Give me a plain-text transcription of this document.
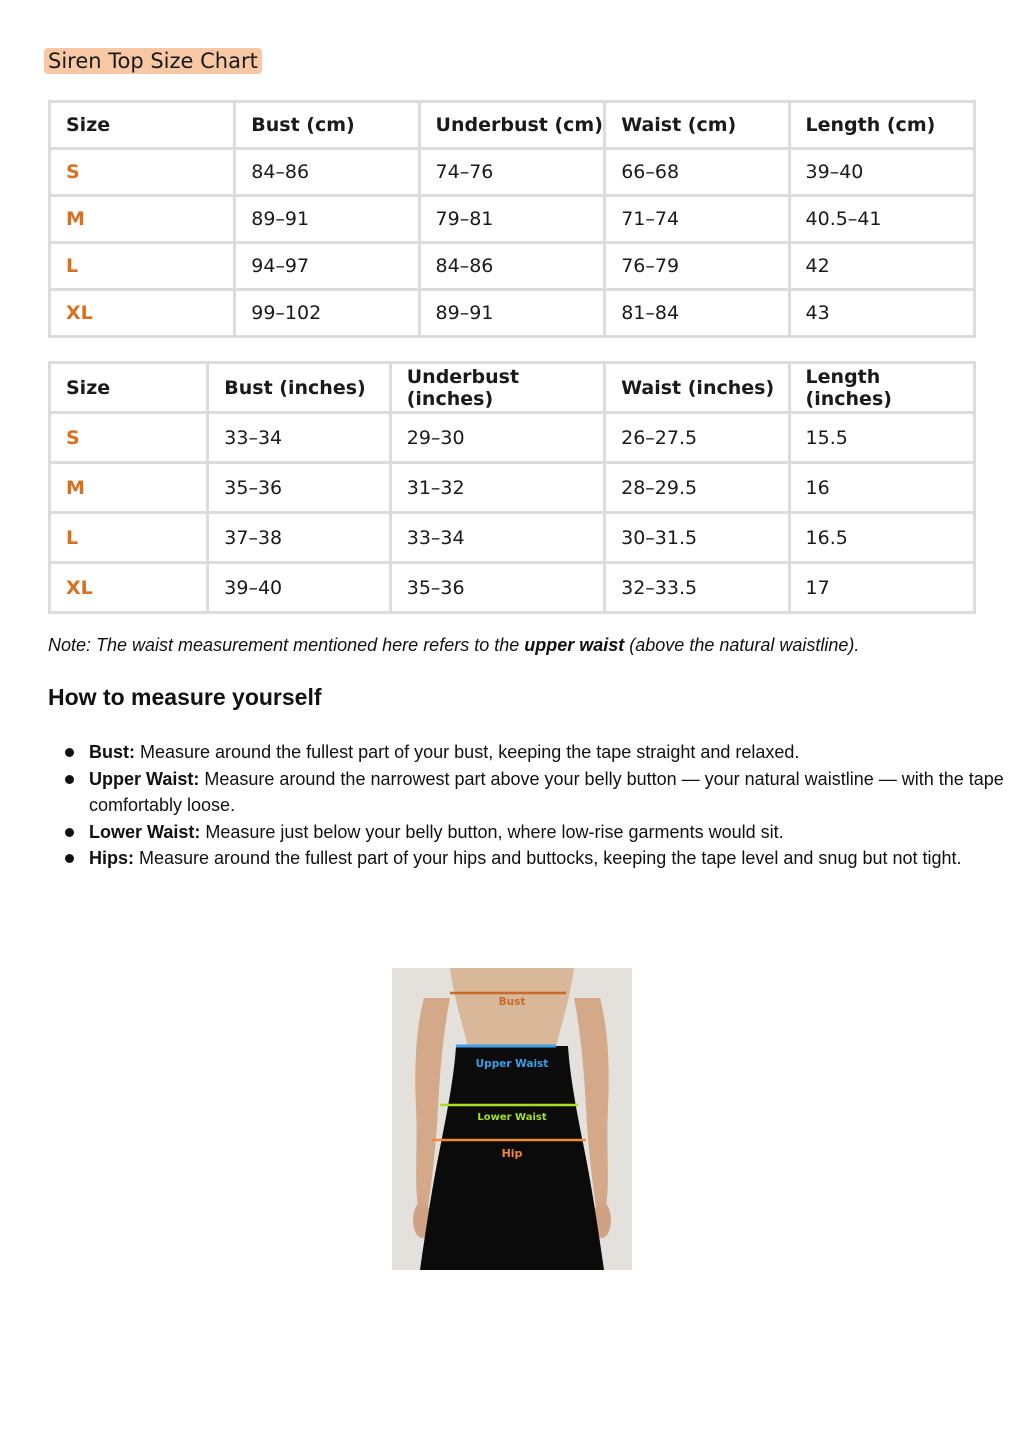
Siren Top Size Chart
Size	Bust (cm)	Underbust (cm)	Waist (cm)	Length (cm)
S	84–86	74–76	66–68	39–40
M	89–91	79–81	71–74	40.5–41
L	94–97	84–86	76–79	42
XL	99–102	89–91	81–84	43
Size	Bust (inches)	Underbust (inches)	Waist (inches)	Length (inches)
S	33–34	29–30	26–27.5	15.5
M	35–36	31–32	28–29.5	16
L	37–38	33–34	30–31.5	16.5
XL	39–40	35–36	32–33.5	17
Note: The waist measurement mentioned here refers to the upper waist (above the natural waistline).
How to measure yourself
Bust: Measure around the fullest part of your bust, keeping the tape straight and relaxed.
Upper Waist: Measure around the narrowest part above your belly button — your natural waistline — with the tape comfortably loose.
Lower Waist: Measure just below your belly button, where low-rise garments would sit.
Hips: Measure around the fullest part of your hips and buttocks, keeping the tape level and snug but not tight.
Bust
Upper Waist
Lower Waist
Hip
